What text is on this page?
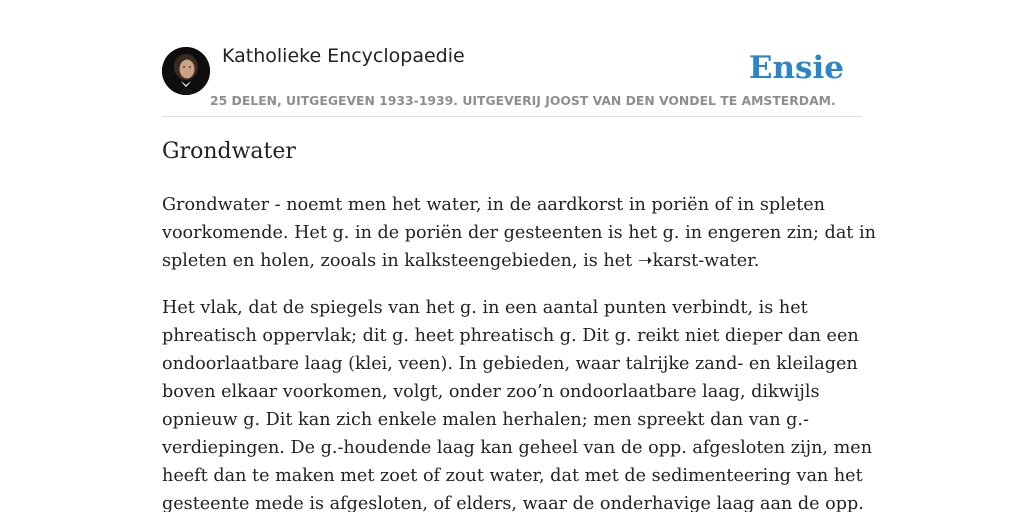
Katholieke Encyclopaedie	Ensie
25 DELEN, UITGEGEVEN 1933-1939. UITGEVERIJ JOOST VAN DEN VONDEL TE AMSTERDAM.
Grondwater

Grondwater - noemt men het water, in de aardkorst in poriën of in spleten
voorkomende. Het g. in de poriën der gesteenten is het g. in engeren zin; dat in
spleten en holen, zooals in kalksteengebieden, is het ➝karst-water.

Het vlak, dat de spiegels van het g. in een aantal punten verbindt, is het
phreatisch oppervlak; dit g. heet phreatisch g. Dit g. reikt niet dieper dan een
ondoorlaatbare laag (klei, veen). In gebieden, waar talrijke zand- en kleilagen
boven elkaar voorkomen, volgt, onder zoo’n ondoorlaatbare laag, dikwijls
opnieuw g. Dit kan zich enkele malen herhalen; men spreekt dan van g.-
verdiepingen. De g.-houdende laag kan geheel van de opp. afgesloten zijn, men
heeft dan te maken met zoet of zout water, dat met de sedimenteering van het
gesteente mede is afgesloten, of elders, waar de onderhavige laag aan de opp.
